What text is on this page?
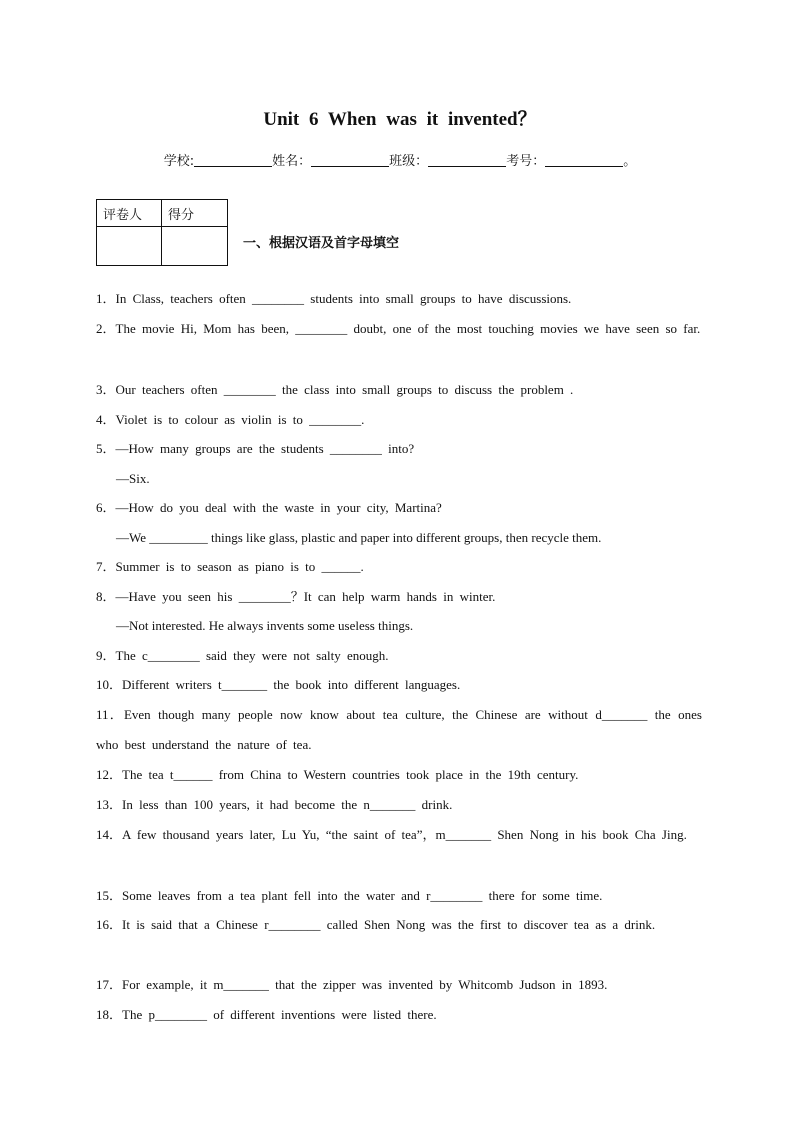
Unit 6 When was it invented？
学校:	姓名：	班级：	考号：	。
评卷人	得分

一、根据汉语及首字母填空
1．In Class, teachers often ________ students into small groups to have discussions.
2．The movie Hi, Mom has been, ________ doubt, one of the most touching movies we have seen so far.
3．Our teachers often ________ the class into small groups to discuss the problem .
4．Violet is to colour as violin is to ________.
5．—How many groups are the students ________ into?
—Six.
6．—How do you deal with the waste in your city, Martina?
—We _________ things like glass, plastic and paper into different groups, then recycle them.
7．Summer is to season as piano is to ______.
8．—Have you seen his ________？It can help warm hands in winter.
—Not interested. He always invents some useless things.
9．The c________ said they were not salty enough.
10．Different writers t_______ the book into different languages.
11．Even though many people now know about tea culture, the Chinese are without d_______ the ones who best understand the nature of tea.
12．The tea t______ from China to Western countries took place in the 19th century.
13．In less than 100 years, it had become the n_______ drink.
14．A few thousand years later, Lu Yu, “the saint of tea”，m_______ Shen Nong in his book Cha Jing.
15．Some leaves from a tea plant fell into the water and r________ there for some time.
16．It is said that a Chinese r________ called Shen Nong was the first to discover tea as a drink.
17．For example, it m_______ that the zipper was invented by Whitcomb Judson in 1893.
18．The p________ of different inventions were listed there.
